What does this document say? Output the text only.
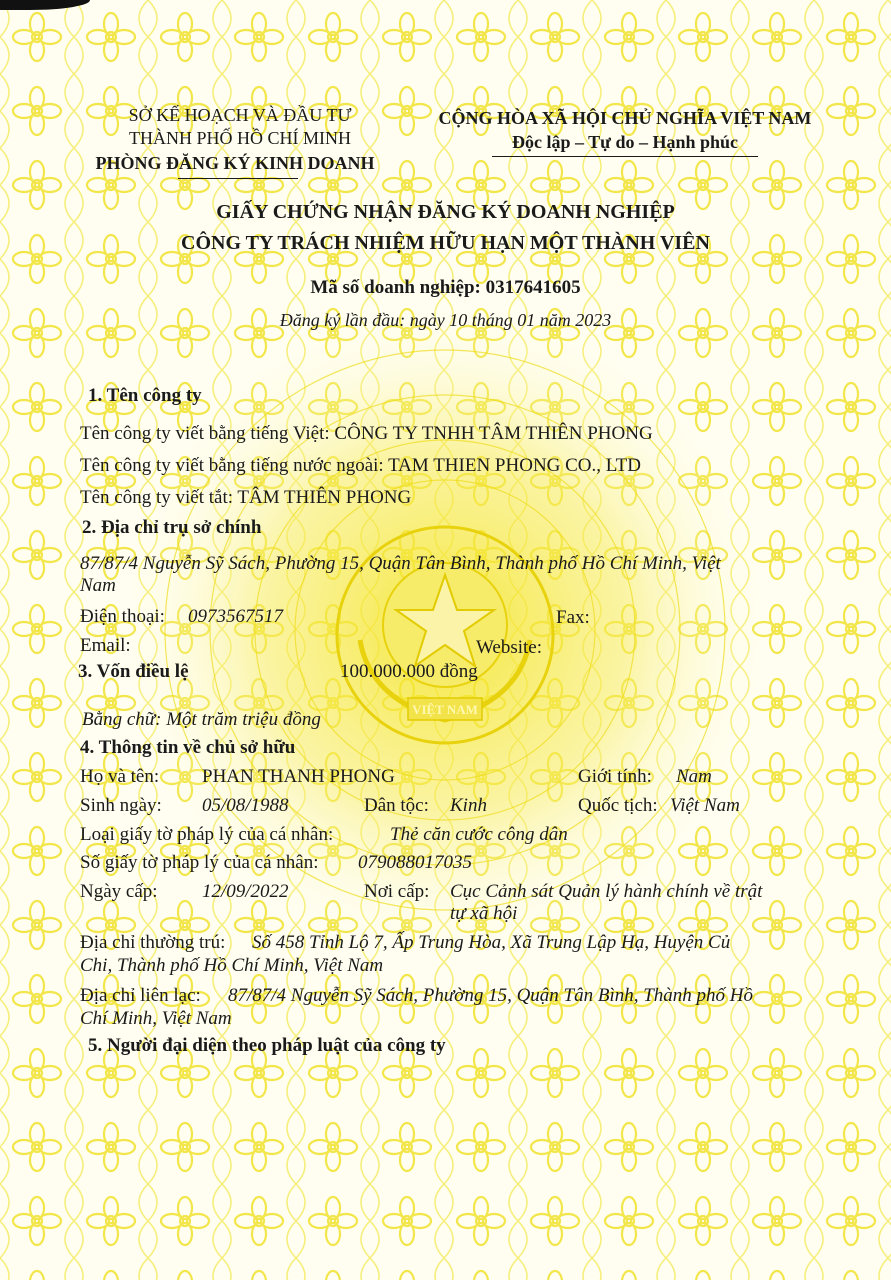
VIỆT NAM
SỞ KẾ HOẠCH VÀ ĐẦU TƯ
THÀNH PHỐ HỒ CHÍ MINH
PHÒNG ĐĂNG KÝ KINH DOANH
CỘNG HÒA XÃ HỘI CHỦ NGHĨA VIỆT NAM
Độc lập – Tự do – Hạnh phúc
GIẤY CHỨNG NHẬN ĐĂNG KÝ DOANH NGHIỆP
CÔNG TY TRÁCH NHIỆM HỮU HẠN MỘT THÀNH VIÊN
Mã số doanh nghiệp: 0317641605
Đăng ký lần đầu: ngày 10 tháng 01 năm 2023
1. Tên công ty
Tên công ty viết bằng tiếng Việt: CÔNG TY TNHH TÂM THIÊN PHONG
Tên công ty viết bằng tiếng nước ngoài: TAM THIEN PHONG CO., LTD
Tên công ty viết tắt: TÂM THIÊN PHONG
2. Địa chỉ trụ sở chính
87/87/4 Nguyễn Sỹ Sách, Phường 15, Quận Tân Bình, Thành phố Hồ Chí Minh, Việt
Nam
Điện thoại: 0973567517	Fax:
Email:	Website:
3. Vốn điều lệ	100.000.000 đồng
Bằng chữ: Một trăm triệu đồng
4. Thông tin về chủ sở hữu
Họ và tên: PHAN THANH PHONG	Giới tính: Nam
Sinh ngày: 05/08/1988	Dân tộc: Kinh	Quốc tịch: Việt Nam
Loại giấy tờ pháp lý của cá nhân:	Thẻ căn cước công dân
Số giấy tờ pháp lý của cá nhân: 079088017035
Ngày cấp: 12/09/2022	Nơi cấp: Cục Cảnh sát Quản lý hành chính về trật
tự xã hội
Địa chỉ thường trú: Số 458 Tỉnh Lộ 7, Ấp Trung Hòa, Xã Trung Lập Hạ, Huyện Củ
Chi, Thành phố Hồ Chí Minh, Việt Nam
Địa chỉ liên lạc: 87/87/4 Nguyễn Sỹ Sách, Phường 15, Quận Tân Bình, Thành phố Hồ
Chí Minh, Việt Nam
5. Người đại diện theo pháp luật của công ty
